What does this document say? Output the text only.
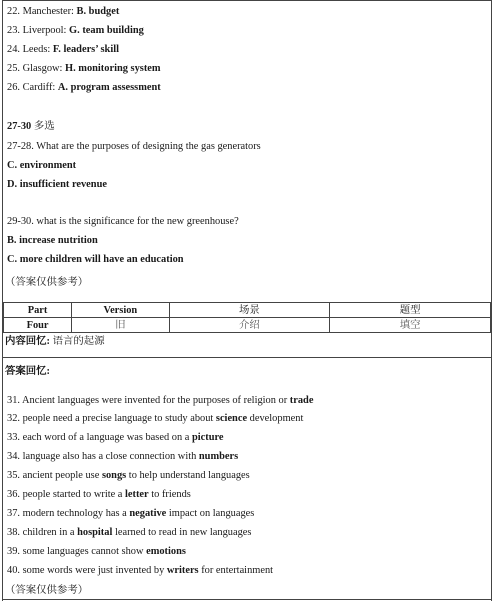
22. Manchester: B. budget
23. Liverpool: G. team building
24. Leeds: F. leaders’ skill
25. Glasgow: H. monitoring system
26. Cardiff: A. program assessment
27-30 多选
27-28. What are the purposes of designing the gas generators
C. environment
D. insufficient revenue
29-30. what is the significance for the new greenhouse?
B. increase nutrition
C. more children will have an education
（答案仅供参考）
Part	Version	场景	题型
Four	旧	介绍	填空
内容回忆: 语言的起源
答案回忆:
31. Ancient languages were invented for the purposes of religion or trade
32. people need a precise language to study about science development
33. each word of a language was based on a picture
34. language also has a close connection with numbers
35. ancient people use songs to help understand languages
36. people started to write a letter to friends
37. modern technology has a negative impact on languages
38. children in a hospital learned to read in new languages
39. some languages cannot show emotions
40. some words were just invented by writers for entertainment
（答案仅供参考）
